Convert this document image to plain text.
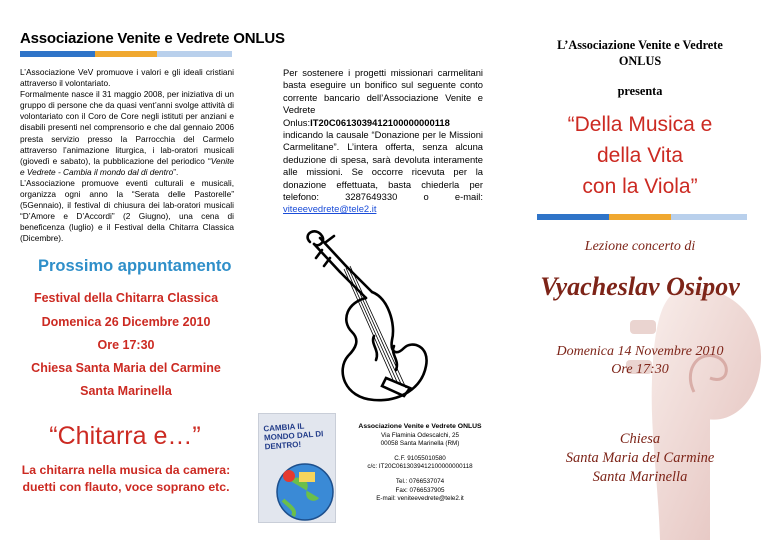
Associazione Venite e Vedrete ONLUS

L’Associazione VeV promuove i valori e gli ideali cristiani attraverso il volontariato.

Formalmente nasce il 31 maggio 2008, per iniziativa di un gruppo di persone che da quasi vent’anni svolge attività di volontariato con il Coro de Core negli istituti per anziani e disabili presenti nel comprensorio e che dal gennaio 2006 presta servizio presso la Parrocchia del Carmelo attraverso l’animazione liturgica, i lab-oratori musicali (giovedì e sabato), la pubblicazione del periodico “Venite e Vedrete - Cambia il mondo dal di dentro”.

L’Associazione promuove eventi culturali e musicali, organizza ogni anno la “Serata delle Pastorelle” (5Gennaio), il festival di chiusura dei lab-oratori musicali “D’Amore e D’Accordi” (2 Giugno), una cena di beneficenza (luglio) e il Festival della Chitarra Classica (Dicembre).

Prossimo appuntamento
Festival della Chitarra Classica
Domenica 26 Dicembre 2010
Ore 17:30
Chiesa Santa Maria del Carmine
Santa Marinella
“Chitarra e…”
La chitarra nella musica da camera:
duetti con flauto, voce soprano etc.
Per sostenere i progetti missionari carmelitani basta eseguire un bonifico sul seguente conto corrente bancario dell’Associazione Venite e Vedrete Onlus:IT20C0613039412100000000118 indicando la causale “Donazione per le Missioni Carmelitane”. L’intera offerta, senza alcuna deduzione di spesa, sarà devoluta interamente alle missioni. Se occorre ricevuta per la donazione effettuata, basta chiederla per telefono: 3287649330 o e-mail: viteeevedrete@tele2.it
CAMBIA IL MONDO DAL DI DENTRO!
Associazione Venite e Vedrete ONLUS
Via Flaminia Odescalchi, 25
00058 Santa Marinella (RM)
C.F. 91055010580
c/c: IT20C0613039412100000000118
Tel.: 0766537074
Fax: 0766537905
E-mail: veniteevedrete@tele2.it
L’Associazione Venite e Vedrete
ONLUS
presenta
“Della Musica e
della Vita
con la Viola”
Lezione concerto di
Vyacheslav Osipov
Domenica 14 Novembre 2010
Ore 17:30
Chiesa
Santa Maria del Carmine
Santa Marinella
